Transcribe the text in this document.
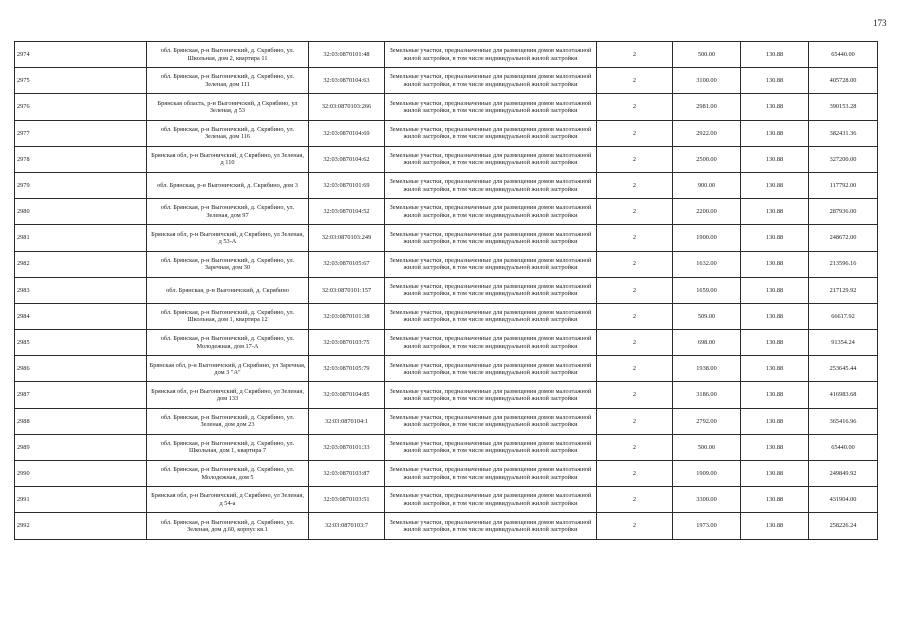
173
2974	обл. Брянская, р-н Выгоничский, д. Скрябино, ул. Школьная, дом 2, квартира 11	32:03:0870101:48	Земельные участки, предназначенные для размещения домов малоэтажной жилой застройки, в том числе индивидуальной жилой застройки	2	500.00	130.88	65440.00
2975	обл. Брянская, р-н Выгоничский, д. Скрябино, ул. Зеленая, дом 111	32:03:0870104:63	Земельные участки, предназначенные для размещения домов малоэтажной жилой застройки, в том числе индивидуальной жилой застройки	2	3100.00	130.88	405728.00
2976	Брянская область, р-н Выгоничский, д Скрябино, ул Зеленая, д 53	32:03:0870103:266	Земельные участки, предназначенные для размещения домов малоэтажной жилой застройки, в том числе индивидуальной жилой застройки	2	2981.00	130.88	390153.28
2977	обл. Брянская, р-н Выгоничский, д. Скрябино, ул. Зеленая, дом 116	32:03:0870104:69	Земельные участки, предназначенные для размещения домов малоэтажной жилой застройки, в том числе индивидуальной жилой застройки	2	2922.00	130.88	382431.36
2978	Брянская обл, р-н Выгоничский, д Скрябино, ул Зеленая, д 110	32:03:0870104:62	Земельные участки, предназначенные для размещения домов малоэтажной жилой застройки, в том числе индивидуальной жилой застройки	2	2500.00	130.88	327200.00
2979	обл. Брянская, р-н Выгоничский, д. Скрябино, дом 3	32:03:0870101:69	Земельные участки, предназначенные для размещения домов малоэтажной жилой застройки, в том числе индивидуальной жилой застройки	2	900.00	130.88	117792.00
2980	обл. Брянская, р-н Выгоничский, д. Скрябино, ул. Зеленая, дом 97	32:03:0870104:52	Земельные участки, предназначенные для размещения домов малоэтажной жилой застройки, в том числе индивидуальной жилой застройки	2	2200.00	130.88	287936.00
2981	Брянская обл, р-н Выгоничский, д Скрябино, ул Зеленая, д 53-А	32:03:0870103:249	Земельные участки, предназначенные для размещения домов малоэтажной жилой застройки, в том числе индивидуальной жилой застройки	2	1900.00	130.88	248672.00
2982	обл. Брянская, р-н Выгоничский, д. Скрябино, ул. Заречная, дом 30	32:03:0870105:67	Земельные участки, предназначенные для размещения домов малоэтажной жилой застройки, в том числе индивидуальной жилой застройки	2	1632.00	130.88	213596.16
2983	обл. Брянская, р-н Выгоничский, д. Скрябино	32:03:0870101:157	Земельные участки, предназначенные для размещения домов малоэтажной жилой застройки, в том числе индивидуальной жилой застройки	2	1659.00	130.88	217129.92
2984	обл. Брянская, р-н Выгоничский, д. Скрябино, ул. Школьная, дом 1, квартира 12	32:03:0870101:38	Земельные участки, предназначенные для размещения домов малоэтажной жилой застройки, в том числе индивидуальной жилой застройки	2	509.00	130.88	66617.92
2985	обл. Брянская, р-н Выгоничский, д. Скрябино, ул. Молодежная, дом 17-А	32:03:0870103:75	Земельные участки, предназначенные для размещения домов малоэтажной жилой застройки, в том числе индивидуальной жилой застройки	2	698.00	130.88	91354.24
2986	Брянская обл, р-н Выгоничский, д Скрябино, ул Заречная, дом 3 "А"	32:03:0870105:79	Земельные участки, предназначенные для размещения домов малоэтажной жилой застройки, в том числе индивидуальной жилой застройки	2	1938.00	130.88	253645.44
2987	Брянская обл, р-н Выгоничский, д Скрябино, ул Зеленая, дом 133	32:03:0870104:85	Земельные участки, предназначенные для размещения домов малоэтажной жилой застройки, в том числе индивидуальной жилой застройки	2	3186.00	130.88	416983.68
2988	обл. Брянская, р-н Выгоничский, д. Скрябино, ул. Зеленая, дом дом 23	32:03:0870104:1	Земельные участки, предназначенные для размещения домов малоэтажной жилой застройки, в том числе индивидуальной жилой застройки	2	2792.00	130.88	365416.96
2989	обл. Брянская, р-н Выгоничский, д. Скрябино, ул. Школьная, дом 1, квартира 7	32:03:0870101:33	Земельные участки, предназначенные для размещения домов малоэтажной жилой застройки, в том числе индивидуальной жилой застройки	2	500.00	130.88	65440.00
2990	обл. Брянская, р-н Выгоничский, д. Скрябино, ул. Молодежная, дом 5	32:03:0870103:87	Земельные участки, предназначенные для размещения домов малоэтажной жилой застройки, в том числе индивидуальной жилой застройки	2	1909.00	130.88	249849.92
2991	Брянская обл, р-н Выгоничский, д Скрябино, ул Зеленая, д 54-а	32:03:0870103:51	Земельные участки, предназначенные для размещения домов малоэтажной жилой застройки, в том числе индивидуальной жилой застройки	2	3300.00	130.88	431904.00
2992	обл. Брянская, р-н Выгоничский, д. Скрябино, ул. Зеленая, дом д.60, корпус кв.1	32:03:0870103:7	Земельные участки, предназначенные для размещения домов малоэтажной жилой застройки, в том числе индивидуальной жилой застройки	2	1973.00	130.88	258226.24
